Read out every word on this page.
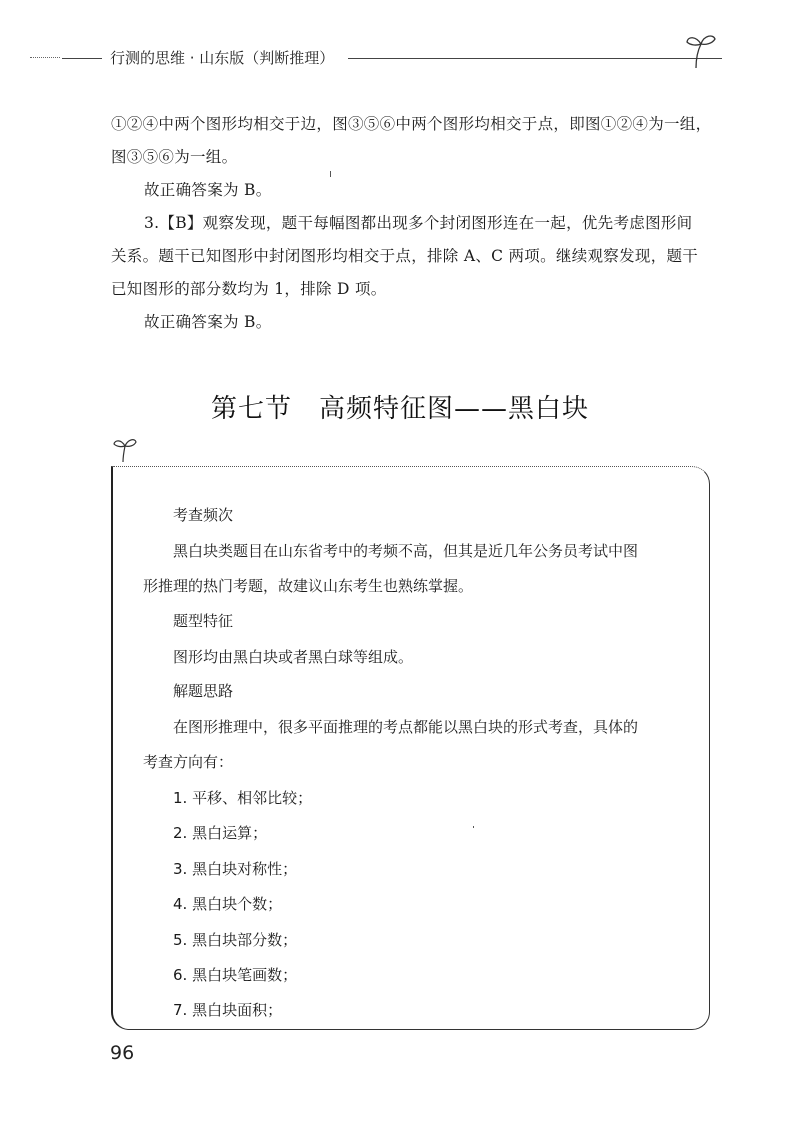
行测的思维 · 山东版（判断推理）

①②④中两个图形均相交于边，图③⑤⑥中两个图形均相交于点，即图①②④为一组，

图③⑤⑥为一组。

故正确答案为 B。

3.【B】观察发现，题干每幅图都出现多个封闭图形连在一起，优先考虑图形间

关系。题干已知图形中封闭图形均相交于点，排除 A、C 两项。继续观察发现，题干

已知图形的部分数均为 1，排除 D 项。

故正确答案为 B。

第七节　高频特征图——黑白块
考查频次
黑白块类题目在山东省考中的考频不高，但其是近几年公务员考试中图
形推理的热门考题，故建议山东考生也熟练掌握。
题型特征
图形均由黑白块或者黑白球等组成。
解题思路
在图形推理中，很多平面推理的考点都能以黑白块的形式考查，具体的
考查方向有：
1. 平移、相邻比较；
2. 黑白运算；
3. 黑白块对称性；
4. 黑白块个数；
5. 黑白块部分数；
6. 黑白块笔画数；
7. 黑白块面积；
96
